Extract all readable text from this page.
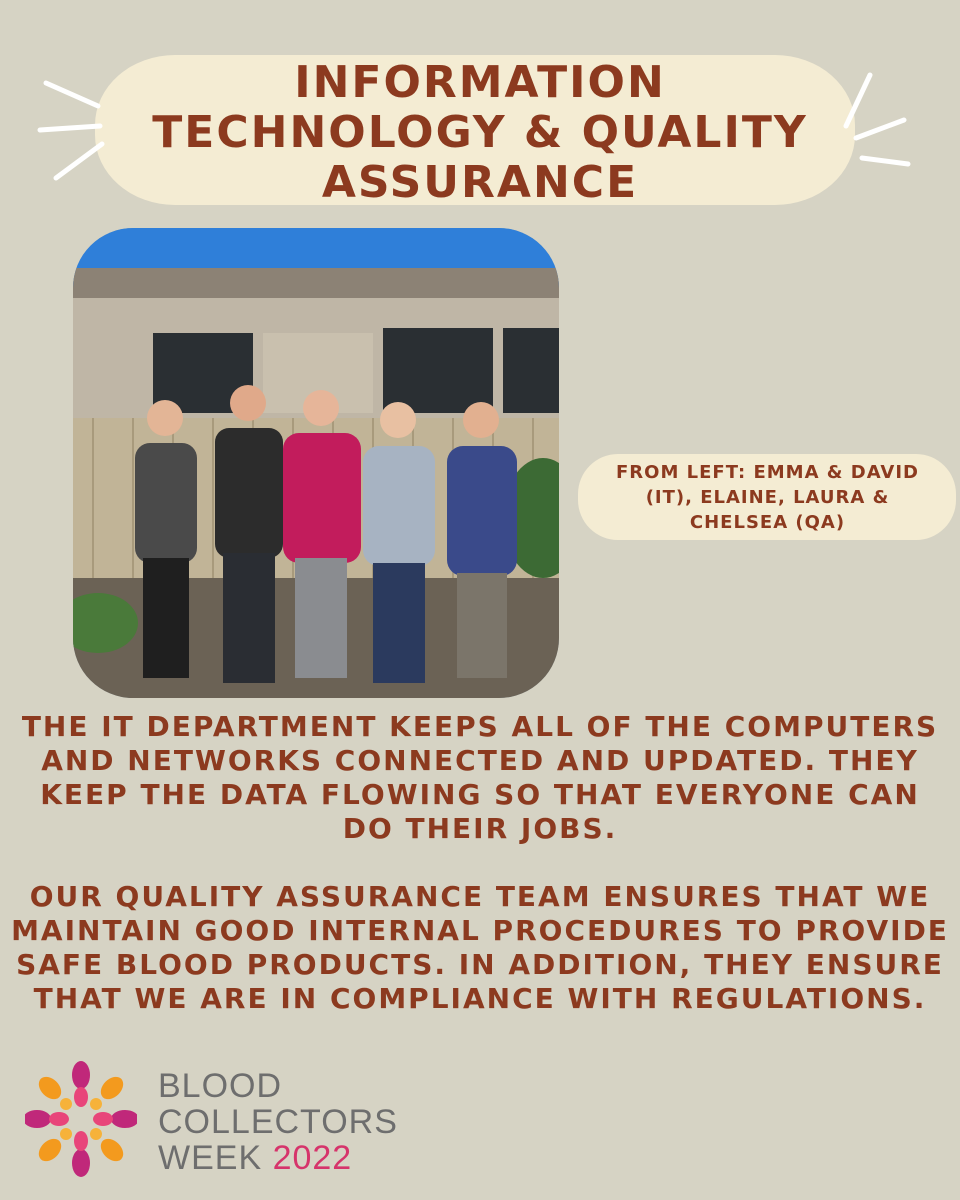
INFORMATION
TECHNOLOGY & QUALITY
ASSURANCE
FROM LEFT: EMMA & DAVID
(IT), ELAINE, LAURA &
CHELSEA (QA)

THE IT DEPARTMENT KEEPS ALL OF THE COMPUTERS AND NETWORKS CONNECTED AND UPDATED. THEY KEEP THE DATA FLOWING SO THAT EVERYONE CAN DO THEIR JOBS.

OUR QUALITY ASSURANCE TEAM ENSURES THAT WE MAINTAIN GOOD INTERNAL PROCEDURES TO PROVIDE SAFE BLOOD PRODUCTS. IN ADDITION, THEY ENSURE THAT WE ARE IN COMPLIANCE WITH REGULATIONS.

BLOOD
COLLECTORS
WEEK 2022
